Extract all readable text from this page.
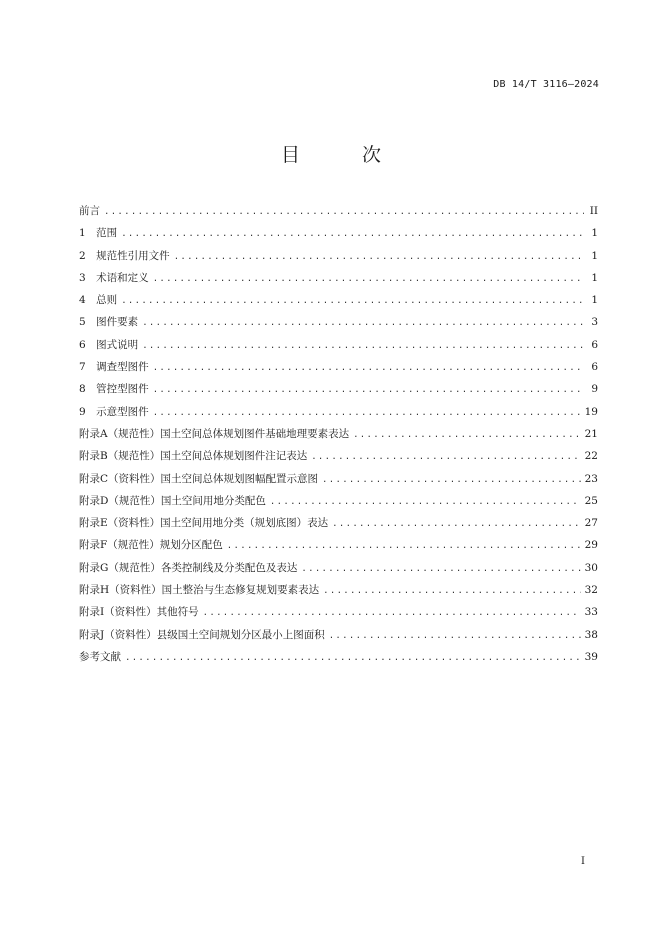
DB 14/T 3116—2024
目 次
前言 .....	II
1　范围 .....	1
2　规范性引用文件 .....	1
3　术语和定义 .....	1
4　总则 .....	1
5　图件要素 .....	3
6　图式说明 .....	6
7　调查型图件 .....	6
8　管控型图件 .....	9
9　示意型图件 .....	19
附录A（规范性）国土空间总体规划图件基础地理要素表达 .....	21
附录B（规范性）国土空间总体规划图件注记表达 .....	22
附录C（资料性）国土空间总体规划图幅配置示意图 .....	23
附录D（规范性）国土空间用地分类配色 .....	25
附录E（资料性）国土空间用地分类（规划底图）表达 .....	27
附录F（规范性）规划分区配色 .....	29
附录G（规范性）各类控制线及分类配色及表达 .....	30
附录H（资料性）国土整治与生态修复规划要素表达 .....	32
附录I（资料性）其他符号 .....	33
附录J（资料性）县级国土空间规划分区最小上图面积 .....	38
参考文献 .....	39
I
